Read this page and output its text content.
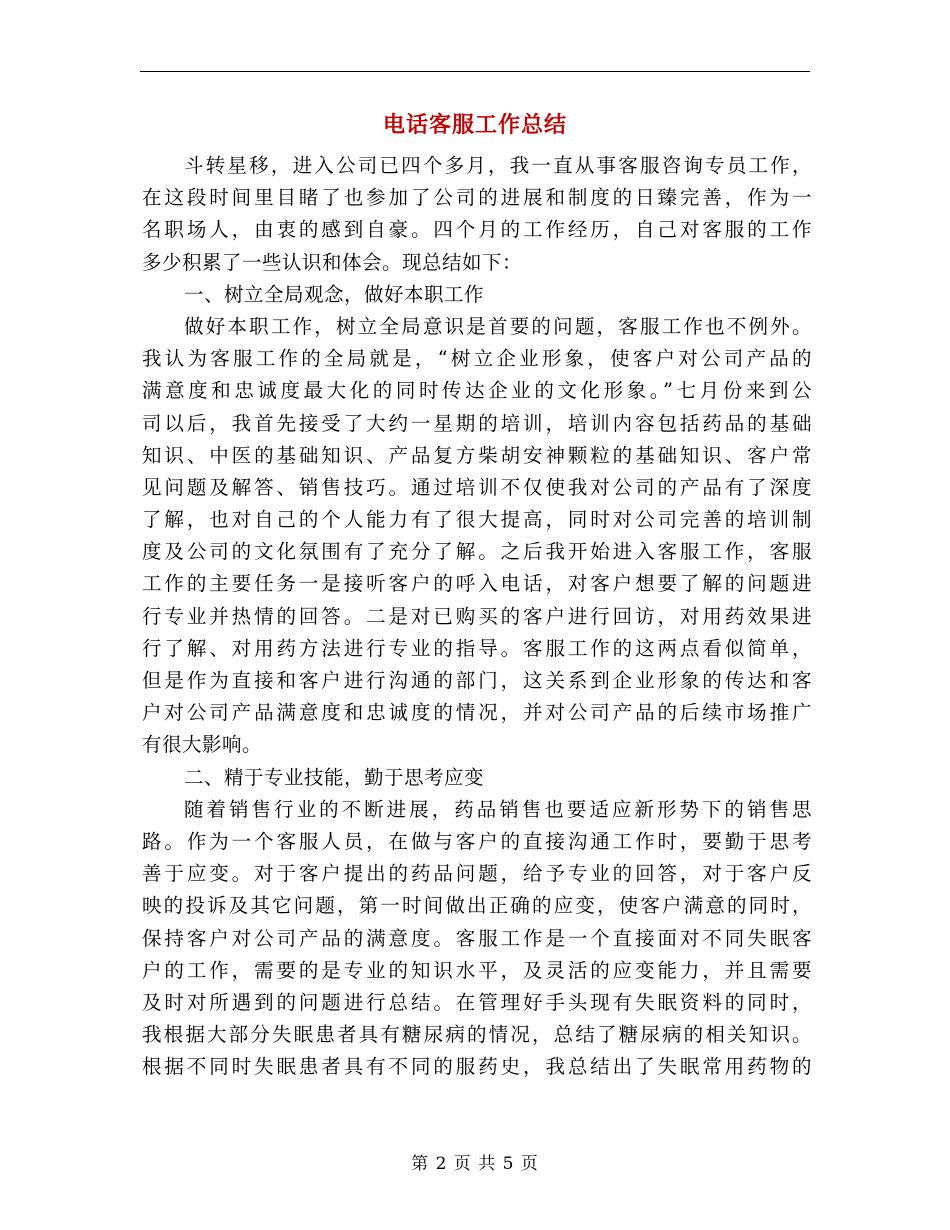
电话客服工作总结
斗转星移，进入公司已四个多月，我一直从事客服咨询专员工作，
在这段时间里目睹了也参加了公司的进展和制度的日臻完善，作为一
名职场人，由衷的感到自豪。四个月的工作经历，自己对客服的工作
多少积累了一些认识和体会。现总结如下：
一、树立全局观念，做好本职工作
做好本职工作，树立全局意识是首要的问题，客服工作也不例外。
我认为客服工作的全局就是，“树立企业形象，使客户对公司产品的
满意度和忠诚度最大化的同时传达企业的文化形象。”七月份来到公
司以后，我首先接受了大约一星期的培训，培训内容包括药品的基础
知识、中医的基础知识、产品复方柴胡安神颗粒的基础知识、客户常
见问题及解答、销售技巧。通过培训不仅使我对公司的产品有了深度
了解，也对自己的个人能力有了很大提高，同时对公司完善的培训制
度及公司的文化氛围有了充分了解。之后我开始进入客服工作，客服
工作的主要任务一是接听客户的呼入电话，对客户想要了解的问题进
行专业并热情的回答。二是对已购买的客户进行回访，对用药效果进
行了解、对用药方法进行专业的指导。客服工作的这两点看似简单，
但是作为直接和客户进行沟通的部门，这关系到企业形象的传达和客
户对公司产品满意度和忠诚度的情况，并对公司产品的后续市场推广
有很大影响。
二、精于专业技能，勤于思考应变
随着销售行业的不断进展，药品销售也要适应新形势下的销售思
路。作为一个客服人员，在做与客户的直接沟通工作时，要勤于思考
善于应变。对于客户提出的药品问题，给予专业的回答，对于客户反
映的投诉及其它问题，第一时间做出正确的应变，使客户满意的同时，
保持客户对公司产品的满意度。客服工作是一个直接面对不同失眠客
户的工作，需要的是专业的知识水平，及灵活的应变能力，并且需要
及时对所遇到的问题进行总结。在管理好手头现有失眠资料的同时，
我根据大部分失眠患者具有糖尿病的情况，总结了糖尿病的相关知识。
根据不同时失眠患者具有不同的服药史，我总结出了失眠常用药物的
第 2 页 共 5 页
